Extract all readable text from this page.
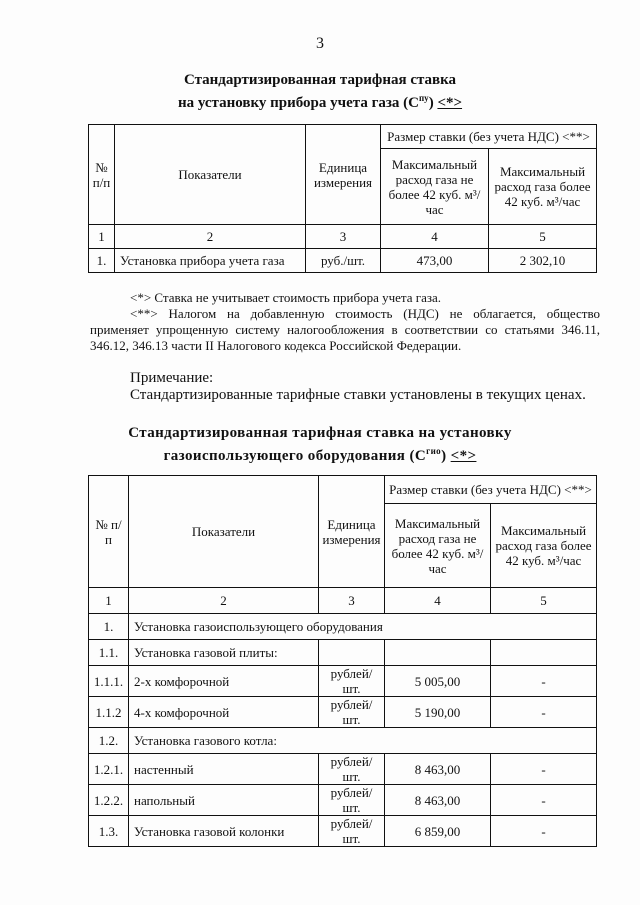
3
Стандартизированная тарифная ставка
на установку прибора учета газа $(С^{пу})$ <*>
№ п/п	Показатели	Единица измерения	Размер ставки (без учета НДС) <**>	
			Максимальный расход газа не более 42 куб. м³/час	Максимальный расход газа более 42 куб. м³/час
1	2	3	4	5
1.	Установка прибора учета газа	руб./шт.	473,00	2 302,10
<*> Ставка не учитывает стоимость прибора учета газа.
<**> Налогом на добавленную стоимость (НДС) не облагается, общество применяет упрощенную систему налогообложения в соответствии со статьями 346.11, 346.12, 346.13 части II Налогового кодекса Российской Федерации.
Примечание:
Стандартизированные тарифные ставки установлены в текущих ценах.
Стандартизированная тарифная ставка на установку
газоиспользующего оборудования $(С^{гио})$ <*>
№ п/п	Показатели	Единица измерения	Размер ставки (без учета НДС) <**>	
			Максимальный расход газа не более 42 куб. м³/час	Максимальный расход газа более 42 куб. м³/час
1	2	3	4	5
1.	Установка газоиспользующего оборудования			
1.1.	Установка газовой плиты:			
1.1.1.	2-х комфорочной	рублей/шт.	5 005,00	-
1.1.2	4-х комфорочной	рублей/шт.	5 190,00	-
1.2.	Установка газового котла:			
1.2.1.	настенный	рублей/шт.	8 463,00	-
1.2.2.	напольный	рублей/шт.	8 463,00	-
1.3.	Установка газовой колонки	рублей/шт.	6 859,00	-
